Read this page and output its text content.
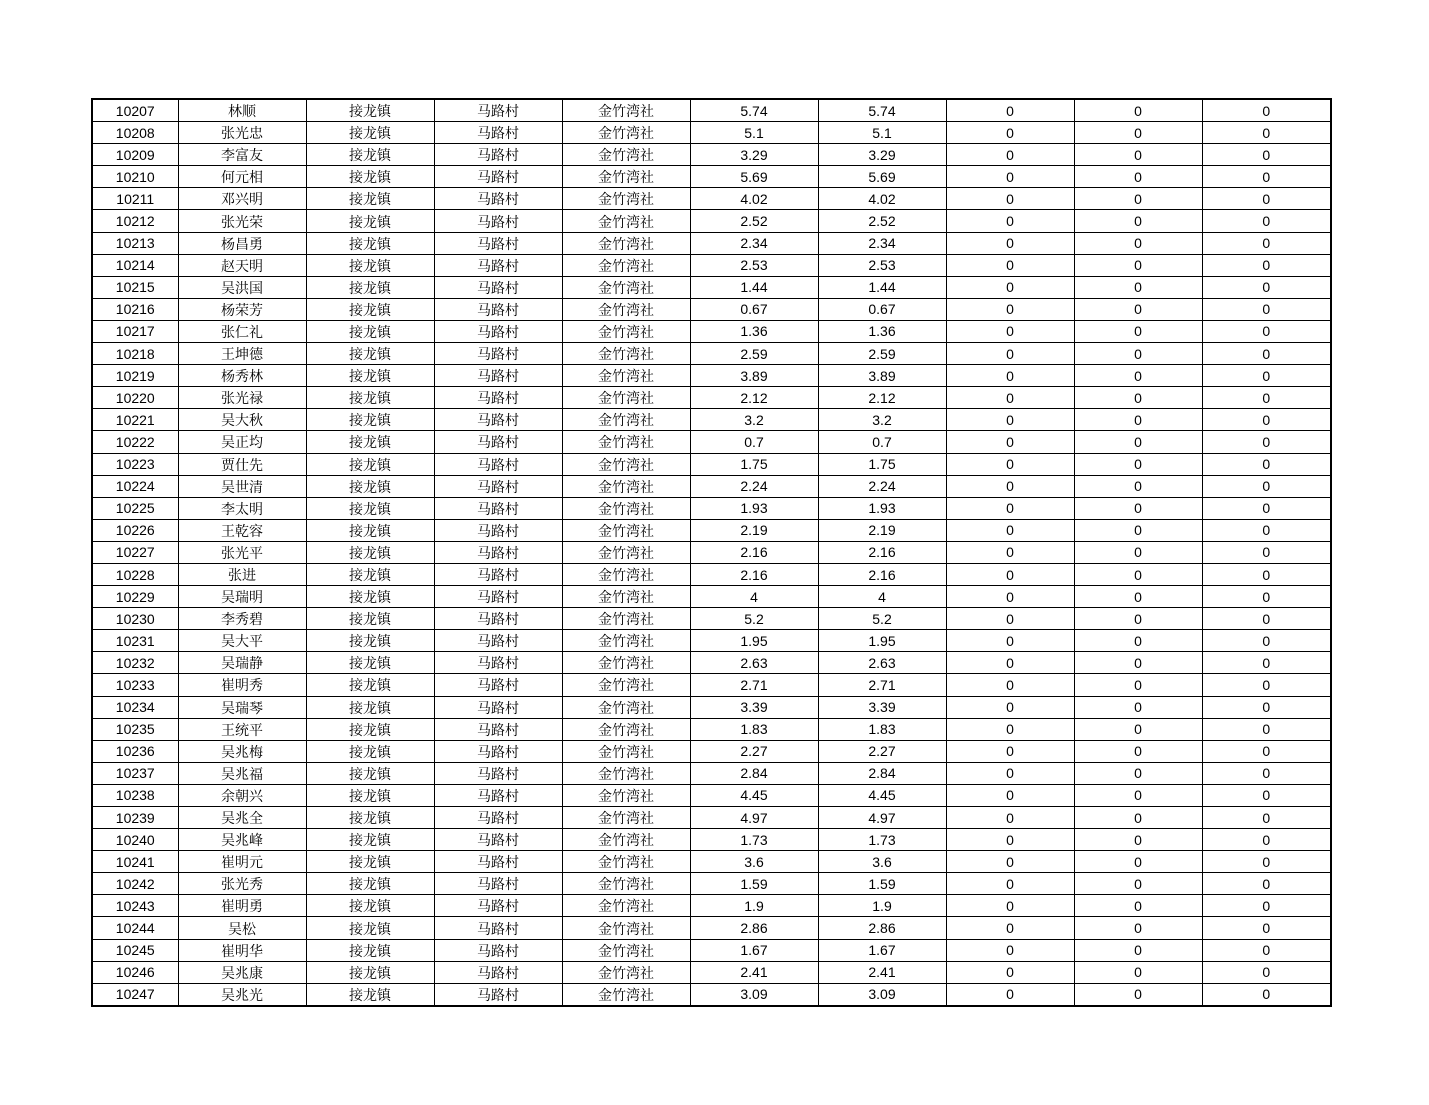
10207	林顺	接龙镇	马路村	金竹湾社	5.74	5.74	0	0	0
10208	张光忠	接龙镇	马路村	金竹湾社	5.1	5.1	0	0	0
10209	李富友	接龙镇	马路村	金竹湾社	3.29	3.29	0	0	0
10210	何元相	接龙镇	马路村	金竹湾社	5.69	5.69	0	0	0
10211	邓兴明	接龙镇	马路村	金竹湾社	4.02	4.02	0	0	0
10212	张光荣	接龙镇	马路村	金竹湾社	2.52	2.52	0	0	0
10213	杨昌勇	接龙镇	马路村	金竹湾社	2.34	2.34	0	0	0
10214	赵天明	接龙镇	马路村	金竹湾社	2.53	2.53	0	0	0
10215	吴洪国	接龙镇	马路村	金竹湾社	1.44	1.44	0	0	0
10216	杨荣芳	接龙镇	马路村	金竹湾社	0.67	0.67	0	0	0
10217	张仁礼	接龙镇	马路村	金竹湾社	1.36	1.36	0	0	0
10218	王坤德	接龙镇	马路村	金竹湾社	2.59	2.59	0	0	0
10219	杨秀林	接龙镇	马路村	金竹湾社	3.89	3.89	0	0	0
10220	张光禄	接龙镇	马路村	金竹湾社	2.12	2.12	0	0	0
10221	吴大秋	接龙镇	马路村	金竹湾社	3.2	3.2	0	0	0
10222	吴正均	接龙镇	马路村	金竹湾社	0.7	0.7	0	0	0
10223	贾仕先	接龙镇	马路村	金竹湾社	1.75	1.75	0	0	0
10224	吴世清	接龙镇	马路村	金竹湾社	2.24	2.24	0	0	0
10225	李太明	接龙镇	马路村	金竹湾社	1.93	1.93	0	0	0
10226	王乾容	接龙镇	马路村	金竹湾社	2.19	2.19	0	0	0
10227	张光平	接龙镇	马路村	金竹湾社	2.16	2.16	0	0	0
10228	张进	接龙镇	马路村	金竹湾社	2.16	2.16	0	0	0
10229	吴瑞明	接龙镇	马路村	金竹湾社	4	4	0	0	0
10230	李秀碧	接龙镇	马路村	金竹湾社	5.2	5.2	0	0	0
10231	吴大平	接龙镇	马路村	金竹湾社	1.95	1.95	0	0	0
10232	吴瑞静	接龙镇	马路村	金竹湾社	2.63	2.63	0	0	0
10233	崔明秀	接龙镇	马路村	金竹湾社	2.71	2.71	0	0	0
10234	吴瑞琴	接龙镇	马路村	金竹湾社	3.39	3.39	0	0	0
10235	王统平	接龙镇	马路村	金竹湾社	1.83	1.83	0	0	0
10236	吴兆梅	接龙镇	马路村	金竹湾社	2.27	2.27	0	0	0
10237	吴兆福	接龙镇	马路村	金竹湾社	2.84	2.84	0	0	0
10238	余朝兴	接龙镇	马路村	金竹湾社	4.45	4.45	0	0	0
10239	吴兆全	接龙镇	马路村	金竹湾社	4.97	4.97	0	0	0
10240	吴兆峰	接龙镇	马路村	金竹湾社	1.73	1.73	0	0	0
10241	崔明元	接龙镇	马路村	金竹湾社	3.6	3.6	0	0	0
10242	张光秀	接龙镇	马路村	金竹湾社	1.59	1.59	0	0	0
10243	崔明勇	接龙镇	马路村	金竹湾社	1.9	1.9	0	0	0
10244	吴松	接龙镇	马路村	金竹湾社	2.86	2.86	0	0	0
10245	崔明华	接龙镇	马路村	金竹湾社	1.67	1.67	0	0	0
10246	吴兆康	接龙镇	马路村	金竹湾社	2.41	2.41	0	0	0
10247	吴兆光	接龙镇	马路村	金竹湾社	3.09	3.09	0	0	0
